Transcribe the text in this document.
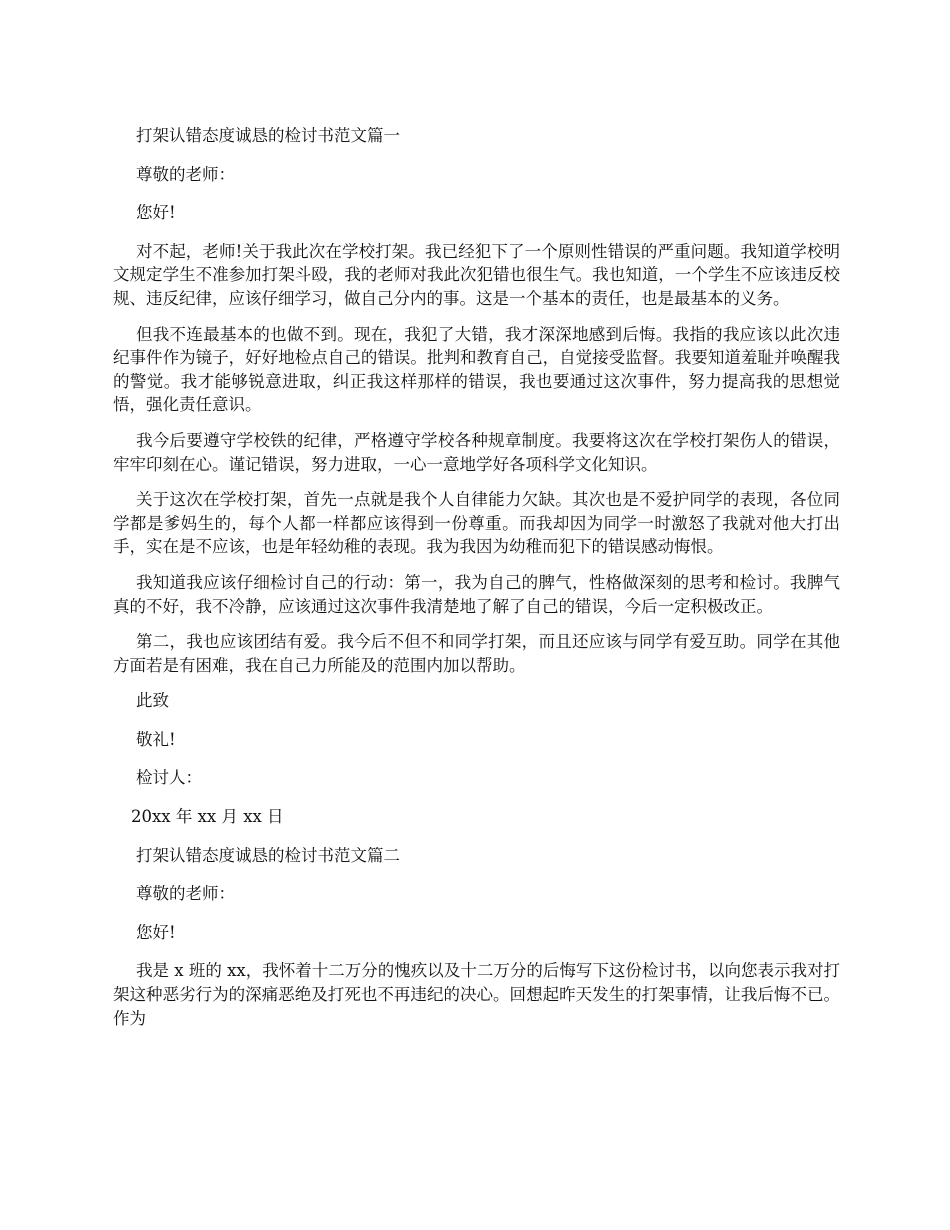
打架认错态度诚恳的检讨书范文篇一

尊敬的老师：

您好!

对不起，老师!关于我此次在学校打架。我已经犯下了一个原则性错误的严重问题。我知道学校明文规定学生不准参加打架斗殴，我的老师对我此次犯错也很生气。我也知道，一个学生不应该违反校规、违反纪律，应该仔细学习，做自己分内的事。这是一个基本的责任，也是最基本的义务。

但我不连最基本的也做不到。现在，我犯了大错，我才深深地感到后悔。我指的我应该以此次违纪事件作为镜子，好好地检点自己的错误。批判和教育自己，自觉接受监督。我要知道羞耻并唤醒我的警觉。我才能够锐意进取，纠正我这样那样的错误，我也要通过这次事件，努力提高我的思想觉悟，强化责任意识。

我今后要遵守学校铁的纪律，严格遵守学校各种规章制度。我要将这次在学校打架伤人的错误，牢牢印刻在心。谨记错误，努力进取，一心一意地学好各项科学文化知识。

关于这次在学校打架，首先一点就是我个人自律能力欠缺。其次也是不爱护同学的表现，各位同学都是爹妈生的，每个人都一样都应该得到一份尊重。而我却因为同学一时激怒了我就对他大打出手，实在是不应该，也是年轻幼稚的表现。我为我因为幼稚而犯下的错误感动悔恨。

我知道我应该仔细检讨自己的行动：第一，我为自己的脾气，性格做深刻的思考和检讨。我脾气真的不好，我不冷静，应该通过这次事件我清楚地了解了自己的错误，今后一定积极改正。

第二，我也应该团结有爱。我今后不但不和同学打架，而且还应该与同学有爱互助。同学在其他方面若是有困难，我在自己力所能及的范围内加以帮助。

此致

敬礼!

检讨人：

20xx 年 xx 月 xx 日

打架认错态度诚恳的检讨书范文篇二

尊敬的老师：

您好!

我是 x 班的 xx，我怀着十二万分的愧疚以及十二万分的后悔写下这份检讨书，以向您表示我对打架这种恶劣行为的深痛恶绝及打死也不再违纪的决心。回想起昨天发生的打架事情，让我后悔不已。作为
